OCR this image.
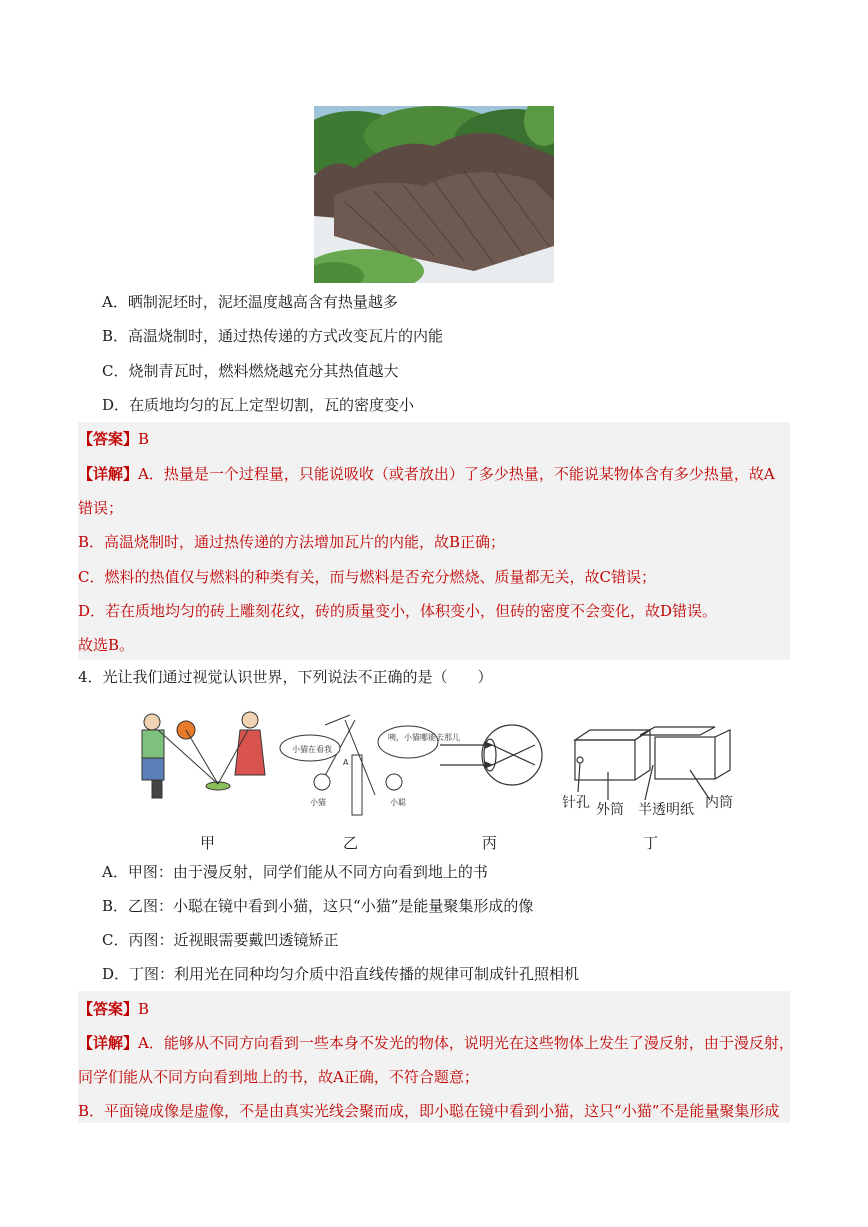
A．晒制泥坯时，泥坯温度越高含有热量越多
B．高温烧制时，通过热传递的方式改变瓦片的内能
C．烧制青瓦时，燃料燃烧越充分其热值越大
D．在质地均匀的瓦上定型切割，瓦的密度变小
【答案】B
【详解】A．热量是一个过程量，只能说吸收（或者放出）了多少热量，不能说某物体含有多少热量，故A
错误；
B．高温烧制时，通过热传递的方法增加瓦片的内能，故B正确；
C．燃料的热值仅与燃料的种类有关，而与燃料是否充分燃烧、质量都无关，故C错误；
D．若在质地均匀的砖上雕刻花纹，砖的质量变小，体积变小，但砖的密度不会变化，故D错误。
故选B。
4．光让我们通过视觉认识世界，下列说法不正确的是（　　）
小猫在看我
咦，小猫哪能去那儿
小猫	小聪
A
针孔 外筒 半透明纸 内筒
甲	乙	丙	丁
A．甲图：由于漫反射，同学们能从不同方向看到地上的书
B．乙图：小聪在镜中看到小猫，这只“小猫”是能量聚集形成的像
C．丙图：近视眼需要戴凹透镜矫正
D．丁图：利用光在同种均匀介质中沿直线传播的规律可制成针孔照相机
【答案】B
【详解】A．能够从不同方向看到一些本身不发光的物体，说明光在这些物体上发生了漫反射，由于漫反射，
同学们能从不同方向看到地上的书，故A正确，不符合题意；
B．平面镜成像是虚像，不是由真实光线会聚而成，即小聪在镜中看到小猫，这只“小猫”不是能量聚集形成
